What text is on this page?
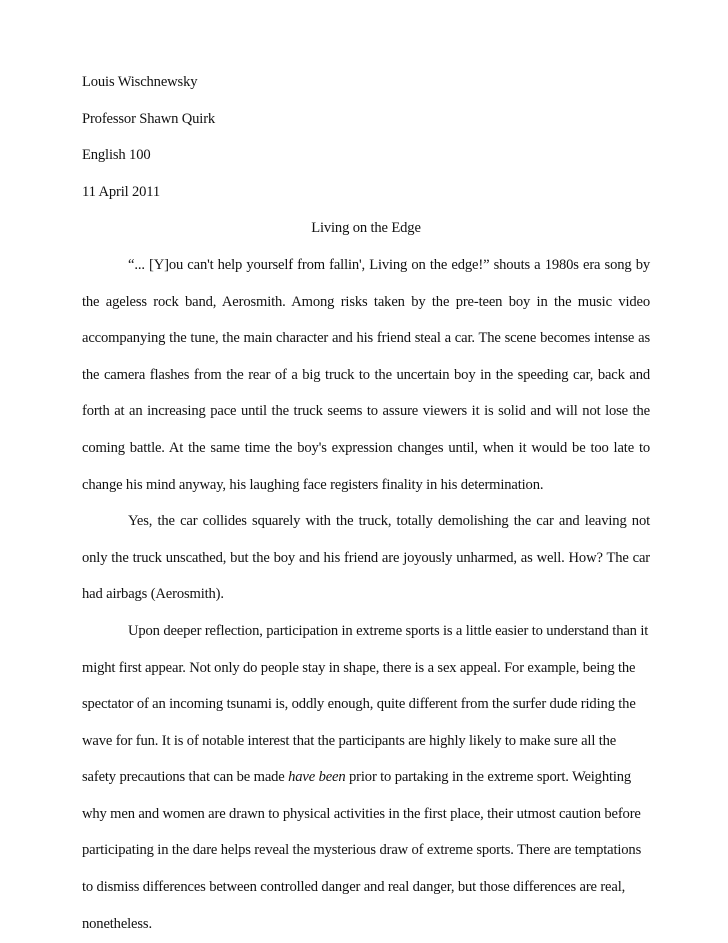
Louis Wischnewsky

Professor Shawn Quirk

English 100

11 April 2011

Living on the Edge

“... [Y]ou can't help yourself from fallin', Living on the edge!” shouts a 1980s era song by the ageless rock band, Aerosmith. Among risks taken by the pre-teen boy in the music video accompanying the tune, the main character and his friend steal a car. The scene becomes intense as the camera flashes from the rear of a big truck to the uncertain boy in the speeding car, back and forth at an increasing pace until the truck seems to assure viewers it is solid and will not lose the coming battle. At the same time the boy's expression changes until, when it would be too late to change his mind anyway, his laughing face registers finality in his determination.

Yes, the car collides squarely with the truck, totally demolishing the car and leaving not only the truck unscathed, but the boy and his friend are joyously unharmed, as well. How? The car had airbags (Aerosmith).

Upon deeper reflection, participation in extreme sports is a little easier to understand than it might first appear. Not only do people stay in shape, there is a sex appeal. For example, being the spectator of an incoming tsunami is, oddly enough, quite different from the surfer dude riding the wave for fun. It is of notable interest that the participants are highly likely to make sure all the safety precautions that can be made have been prior to partaking in the extreme sport. Weighting why men and women are drawn to physical activities in the first place, their utmost caution before participating in the dare helps reveal the mysterious draw of extreme sports. There are temptations to dismiss differences between controlled danger and real danger, but those differences are real, nonetheless.
